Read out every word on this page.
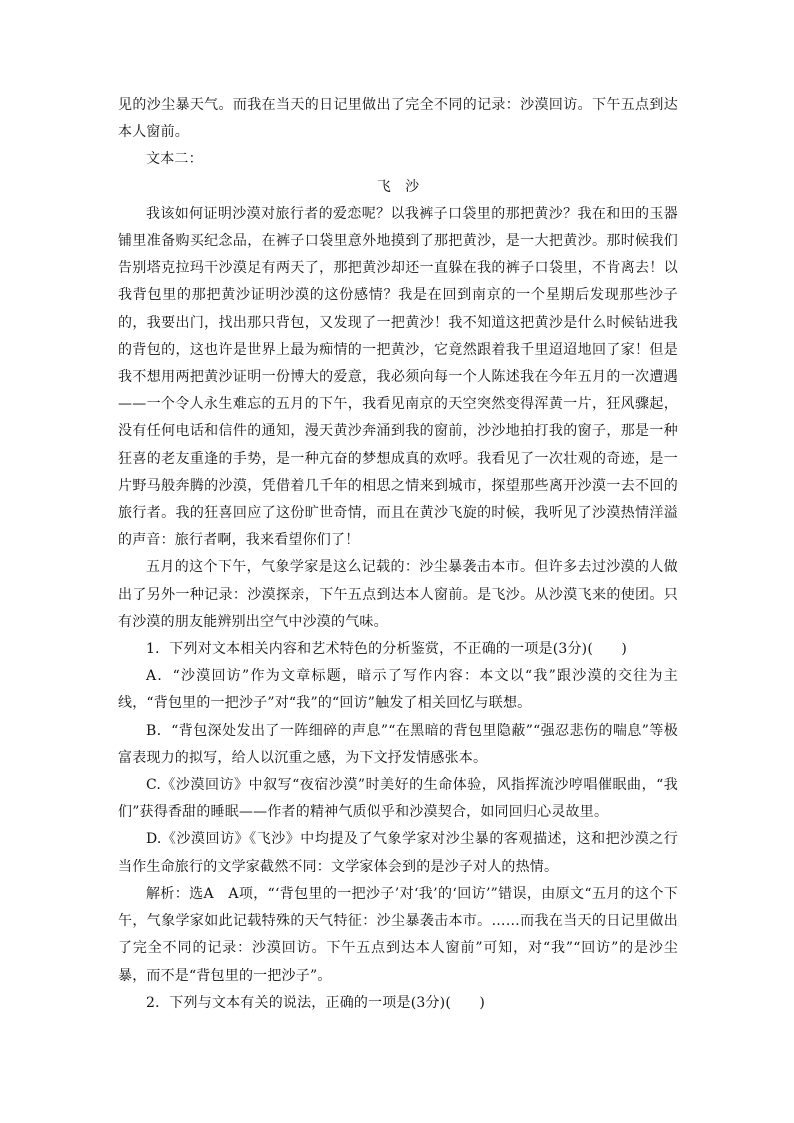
见的沙尘暴天气。而我在当天的日记里做出了完全不同的记录：沙漠回访。下午五点到达本人窗前。

文本二：

飞　沙

我该如何证明沙漠对旅行者的爱恋呢？以我裤子口袋里的那把黄沙？我在和田的玉器铺里准备购买纪念品，在裤子口袋里意外地摸到了那把黄沙，是一大把黄沙。那时候我们告别塔克拉玛干沙漠足有两天了，那把黄沙却还一直躲在我的裤子口袋里，不肯离去！以我背包里的那把黄沙证明沙漠的这份感情？我是在回到南京的一个星期后发现那些沙子的，我要出门，找出那只背包，又发现了一把黄沙！我不知道这把黄沙是什么时候钻进我的背包的，这也许是世界上最为痴情的一把黄沙，它竟然跟着我千里迢迢地回了家！但是我不想用两把黄沙证明一份博大的爱意，我必须向每一个人陈述我在今年五月的一次遭遇——一个令人永生难忘的五月的下午，我看见南京的天空突然变得浑黄一片，狂风骤起，没有任何电话和信件的通知，漫天黄沙奔涌到我的窗前，沙沙地拍打我的窗子，那是一种狂喜的老友重逢的手势，是一种亢奋的梦想成真的欢呼。我看见了一次壮观的奇迹，是一片野马般奔腾的沙漠，凭借着几千年的相思之情来到城市，探望那些离开沙漠一去不回的旅行者。我的狂喜回应了这份旷世奇情，而且在黄沙飞旋的时候，我听见了沙漠热情洋溢的声音：旅行者啊，我来看望你们了！

五月的这个下午，气象学家是这么记载的：沙尘暴袭击本市。但许多去过沙漠的人做出了另外一种记录：沙漠探亲，下午五点到达本人窗前。是飞沙。从沙漠飞来的使团。只有沙漠的朋友能辨别出空气中沙漠的气味。

1．下列对文本相关内容和艺术特色的分析鉴赏，不正确的一项是(3分)(　　)

A．“沙漠回访”作为文章标题，暗示了写作内容：本文以“我”跟沙漠的交往为主线，“背包里的一把沙子”对“我”的“回访”触发了相关回忆与联想。

B．“背包深处发出了一阵细碎的声息”“在黑暗的背包里隐蔽”“强忍悲伤的喘息”等极富表现力的拟写，给人以沉重之感，为下文抒发情感张本。

C.《沙漠回访》中叙写“夜宿沙漠”时美好的生命体验，风指挥流沙哼唱催眠曲，“我们”获得香甜的睡眠——作者的精神气质似乎和沙漠契合，如同回归心灵故里。

D.《沙漠回访》《飞沙》中均提及了气象学家对沙尘暴的客观描述，这和把沙漠之行当作生命旅行的文学家截然不同：文学家体会到的是沙子对人的热情。

解析：选A　A项，“‘背包里的一把沙子’对‘我’的‘回访’”错误，由原文“五月的这个下午，气象学家如此记载特殊的天气特征：沙尘暴袭击本市。……而我在当天的日记里做出了完全不同的记录：沙漠回访。下午五点到达本人窗前”可知，对“我”“回访”的是沙尘暴，而不是“背包里的一把沙子”。

2．下列与文本有关的说法，正确的一项是(3分)(　　)
